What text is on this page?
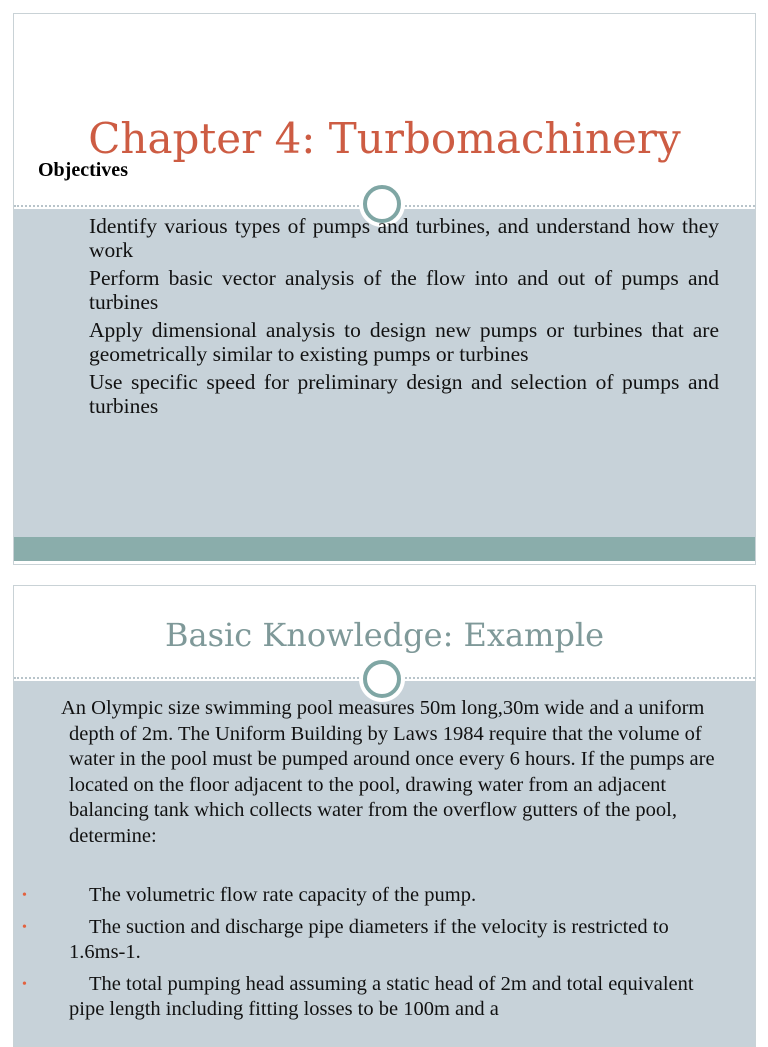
Chapter 4: Turbomachinery
Objectives
Identify various types of pumps and turbines, and understand how they work
Perform basic vector analysis of the flow into and out of pumps and turbines
Apply dimensional analysis to design new pumps or turbines that are geometrically similar to existing pumps or turbines
Use specific speed for preliminary design and selection of pumps and turbines
Basic Knowledge: Example

An Olympic size swimming pool measures 50m long,30m wide and a uniform depth of 2m. The Uniform Building by Laws 1984 require that the volume of water in the pool must be pumped around once every 6 hours. If the pumps are located on the floor adjacent to the pool, drawing water from an adjacent balancing tank which collects water from the overflow gutters of the pool, determine:

•	The volumetric flow rate capacity of the pump.
•	The suction and discharge pipe diameters if the velocity is restricted to 1.6ms-1.
•	The total pumping head assuming a static head of 2m and total equivalent pipe length including fitting losses to be 100m and a
